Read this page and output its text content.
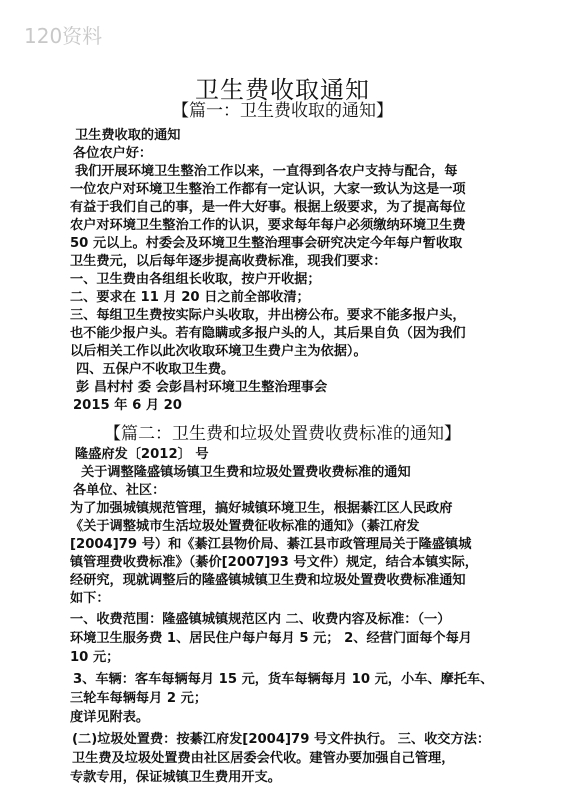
120资料
卫生费收取通知
【篇一：卫生费收取的通知】
卫生费收取的通知
各位农户好：
我们开展环境卫生整治工作以来，一直得到各农户支持与配合，每
一位农户对环境卫生整治工作都有一定认识，大家一致认为这是一项
有益于我们自己的事，是一件大好事。根据上级要求，为了提高每位
农户对环境卫生整治工作的认识，要求每年每户必须缴纳环境卫生费
50 元以上。村委会及环境卫生整治理事会研究决定今年每户暂收取
卫生费元，以后每年逐步提高收费标准，现我们要求：
一、卫生费由各组组长收取，按户开收据；
二、要求在 11 月 20 日之前全部收清；
三、每组卫生费按实际户头收取，井出榜公布。要求不能多报户头，
也不能少报户头。若有隐瞒或多报户头的人，其后果自负（因为我们
以后相关工作以此次收取环境卫生费户主为依据）。
四、五保户不收取卫生费。
彭 昌村村 委 会彭昌村环境卫生整治理事会
2015 年 6 月 20
【篇二：卫生费和垃圾处置费收费标准的通知】
隆盛府发〔2012〕 号
关于调整隆盛镇场镇卫生费和垃圾处置费收费标准的通知
各单位、社区：
为了加强城镇规范管理，搞好城镇环境卫生，根据綦江区人民政府
《关于调整城市生活垃圾处置费征收标准的通知》（綦江府发
[2004]79 号）和《綦江县物价局、綦江县市政管理局关于隆盛镇城
镇管理费收费标准》（綦价[2007]93 号文件）规定，结合本镇实际，
经研究，现就调整后的隆盛镇城镇卫生费和垃圾处置费收费标准通知
如下：
一、收费范围：隆盛镇城镇规范区内 二、收费内容及标准：（一）
环境卫生服务费 1、居民住户每户每月 5 元； 2、经营门面每个每月
10 元；
3、车辆：客车每辆每月 15 元，货车每辆每月 10 元，小车、摩托车、
三轮车每辆每月 2 元；
度详见附表。
(二)垃圾处置费：按綦江府发[2004]79 号文件执行。 三、收交方法：
卫生费及垃圾处置费由社区居委会代收。建管办要加强自己管理，
专款专用，保证城镇卫生费用开支。
